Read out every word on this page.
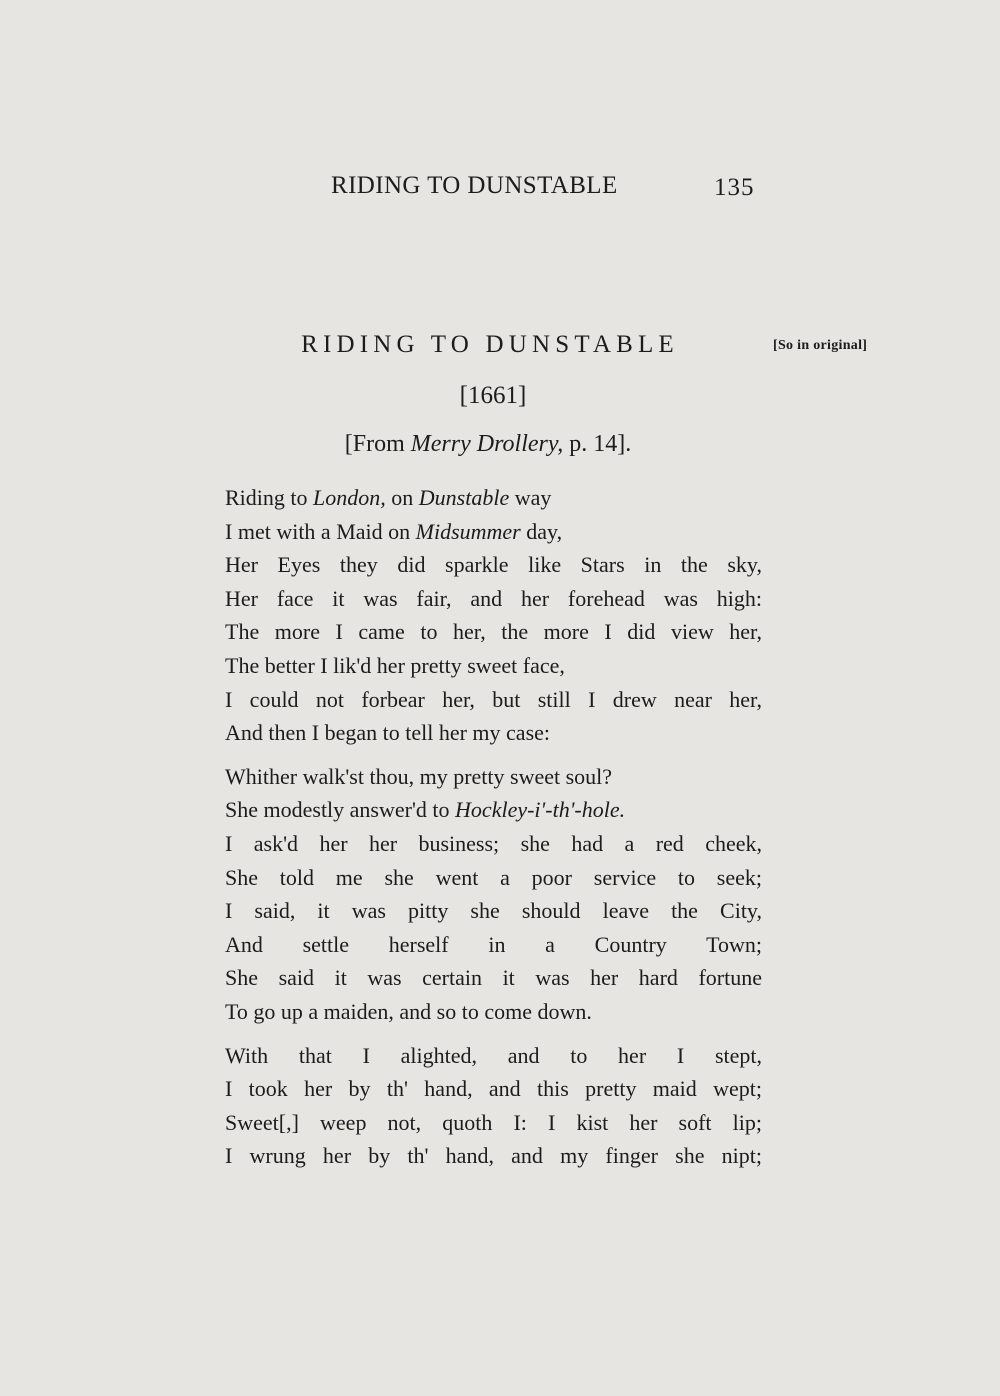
RIDING TO DUNSTABLE	135
RIDING TO DUNSTABLE	[So in original]
[1661]
[From Merry Drollery, p. 14].
Riding to London, on Dunstable way
I met with a Maid on Midsummer day,
Her Eyes they did sparkle like Stars in the sky,
Her face it was fair, and her forehead was high:
The more I came to her, the more I did view her,
The better I lik'd her pretty sweet face,
I could not forbear her, but still I drew near her,
And then I began to tell her my case:
Whither walk'st thou, my pretty sweet soul?
She modestly answer'd to Hockley-i'-th'-hole.
I ask'd her her business; she had a red cheek,
She told me she went a poor service to seek;
I said, it was pitty she should leave the City,
And settle herself in a Country Town;
She said it was certain it was her hard fortune
To go up a maiden, and so to come down.
With that I alighted, and to her I stept,
I took her by th' hand, and this pretty maid wept;
Sweet[,] weep not, quoth I: I kist her soft lip;
I wrung her by th' hand, and my finger she nipt;
